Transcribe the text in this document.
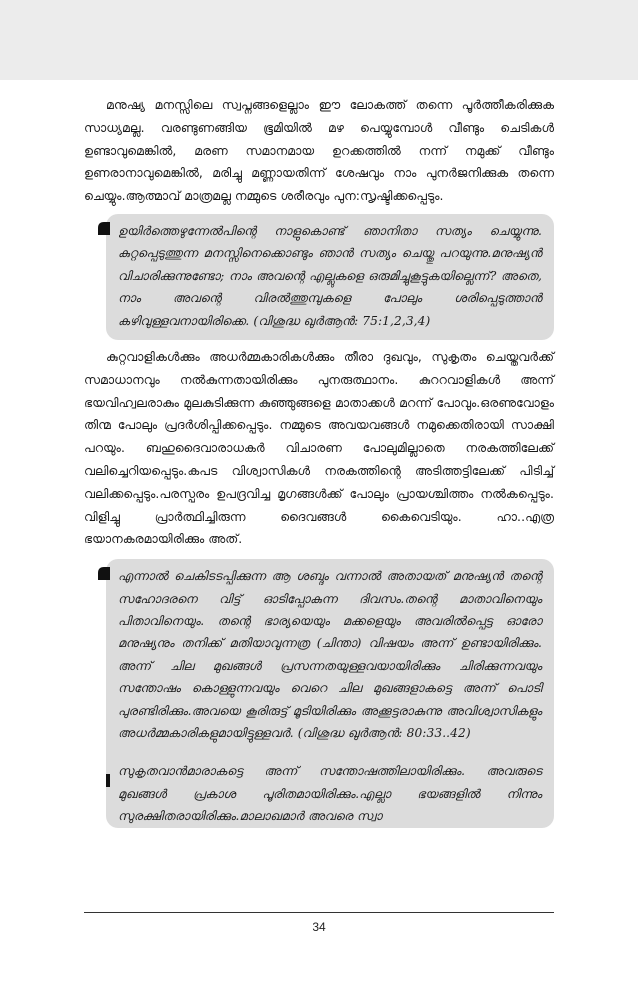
മനുഷ്യ മനസ്സിലെ സ്വപ്നങ്ങളെല്ലാം ഈ ലോകത്ത് തന്നെ പൂർത്തീകരിക്കുക സാധ്യമല്ല. വരണ്ടുണങ്ങിയ ഭൂമിയിൽ മഴ പെയ്യുമ്പോൾ വീണ്ടും ചെടികൾ ഉണ്ടാവുമെങ്കിൽ, മരണ സമാനമായ ഉറക്കത്തിൽ നന്ന് നമുക്ക് വീണ്ടും ഉണരാനാവുമെങ്കിൽ, മരിച്ചു മണ്ണായതിന്ന് ശേഷവും നാം പുനർജനിക്കുക തന്നെ ചെയ്യും.ആത്മാവ് മാത്രമല്ല നമ്മുടെ ശരീരവും പുന:സൃഷ്ടിക്കപ്പെടും.

ഉയിർത്തെഴുന്നേൽപിന്റെ നാളുകൊണ്ട് ഞാനിതാ സത്യം ചെയ്യുന്നു. കുറ്റപ്പെടുത്തുന്ന മനസ്സിനെക്കൊണ്ടും ഞാൻ സത്യം ചെയ്തു പറയുന്നു.മനുഷ്യൻ വിചാരിക്കുന്നുണ്ടോ; നാം അവന്റെ എല്ലുകളെ ഒരുമിച്ചുകൂട്ടുകയില്ലെന്ന്? അതെ, നാം അവന്റെ വിരൽത്തുമ്പുകളെ പോലും ശരിപ്പെടുത്താൻ കഴിവുള്ളവനായിരിക്കെ. (വിശുദ്ധ ഖുർആൻ: 75:1,2,3,4)

കുറ്റവാളികൾക്കും അധർമ്മകാരികൾക്കും തീരാ ദുഖവും, സുകൃതം ചെയ്തവർക്ക് സമാധാനവും നൽകുന്നതായിരിക്കും പുനരുത്ഥാനം. കുററവാളികൾ അന്ന് ഭയവിഹ്വലരാകും മുലകുടിക്കുന്ന കുഞ്ഞുങ്ങളെ മാതാക്കൾ മറന്ന് പോവും.ഒരണുവോളം തിന്മ പോലും പ്രദർശിപ്പിക്കപ്പെടും. നമ്മുടെ അവയവങ്ങൾ നമുക്കെതിരായി സാക്ഷി പറയും. ബഹുദൈവാരാധകർ വിചാരണ പോലുമില്ലാതെ നരകത്തിലേക്ക് വലിച്ചെറിയപ്പെടും.കപട വിശ്വാസികൾ നരകത്തിന്റെ അടിത്തട്ടിലേക്ക് പിടിച്ച് വലിക്കപ്പെടും.പരസ്പരം ഉപദ്രവിച്ച മൃഗങ്ങൾക്ക് പോലും പ്രായശ്ചിത്തം നൽകപ്പെടും. വിളിച്ചു പ്രാർത്ഥിച്ചിരുന്ന ദൈവങ്ങൾ കൈവെടിയും. ഹാ..എത്ര ഭയാനകരമായിരിക്കും അത്.

എന്നാൽ ചെകിടടപ്പിക്കുന്ന ആ ശബ്ദം വന്നാൽ അതായത് മനുഷ്യൻ തന്റെ സഹോദരനെ വിട്ട് ഓടിപ്പോകുന്ന ദിവസം.തന്റെ മാതാവിനെയും പിതാവിനെയും. തന്റെ ഭാര്യയെയും മക്കളെയും അവരിൽപ്പെട്ട ഓരോ മനുഷ്യനും തനിക്ക് മതിയാവുന്നത്ര (ചിന്താ) വിഷയം അന്ന് ഉണ്ടായിരിക്കും. അന്ന് ചില മുഖങ്ങൾ പ്രസന്നതയുള്ളവയായിരിക്കും ചിരിക്കുന്നവയും സന്തോഷം കൊള്ളുന്നവയും വെറെ ചില മുഖങ്ങളാകട്ടെ അന്ന് പൊടി പുരണ്ടിരിക്കും.അവയെ കൂരിരുട്ട് മൂടിയിരിക്കും അക്കൂട്ടരാകുന്നു അവിശ്വാസികളും അധർമ്മകാരികളുമായിട്ടുള്ളവർ. (വിശുദ്ധ ഖുർആൻ: 80:33..42)

സുകൃതവാൻമാരാകട്ടെ അന്ന് സന്തോഷത്തിലായിരിക്കും. അവരുടെ മുഖങ്ങൾ പ്രകാശ പൂരിതമായിരിക്കും.എല്ലാ ഭയങ്ങളിൽ നിന്നും സുരക്ഷിതരായിരിക്കും.മാലാഖമാർ അവരെ സ്വാ

34
